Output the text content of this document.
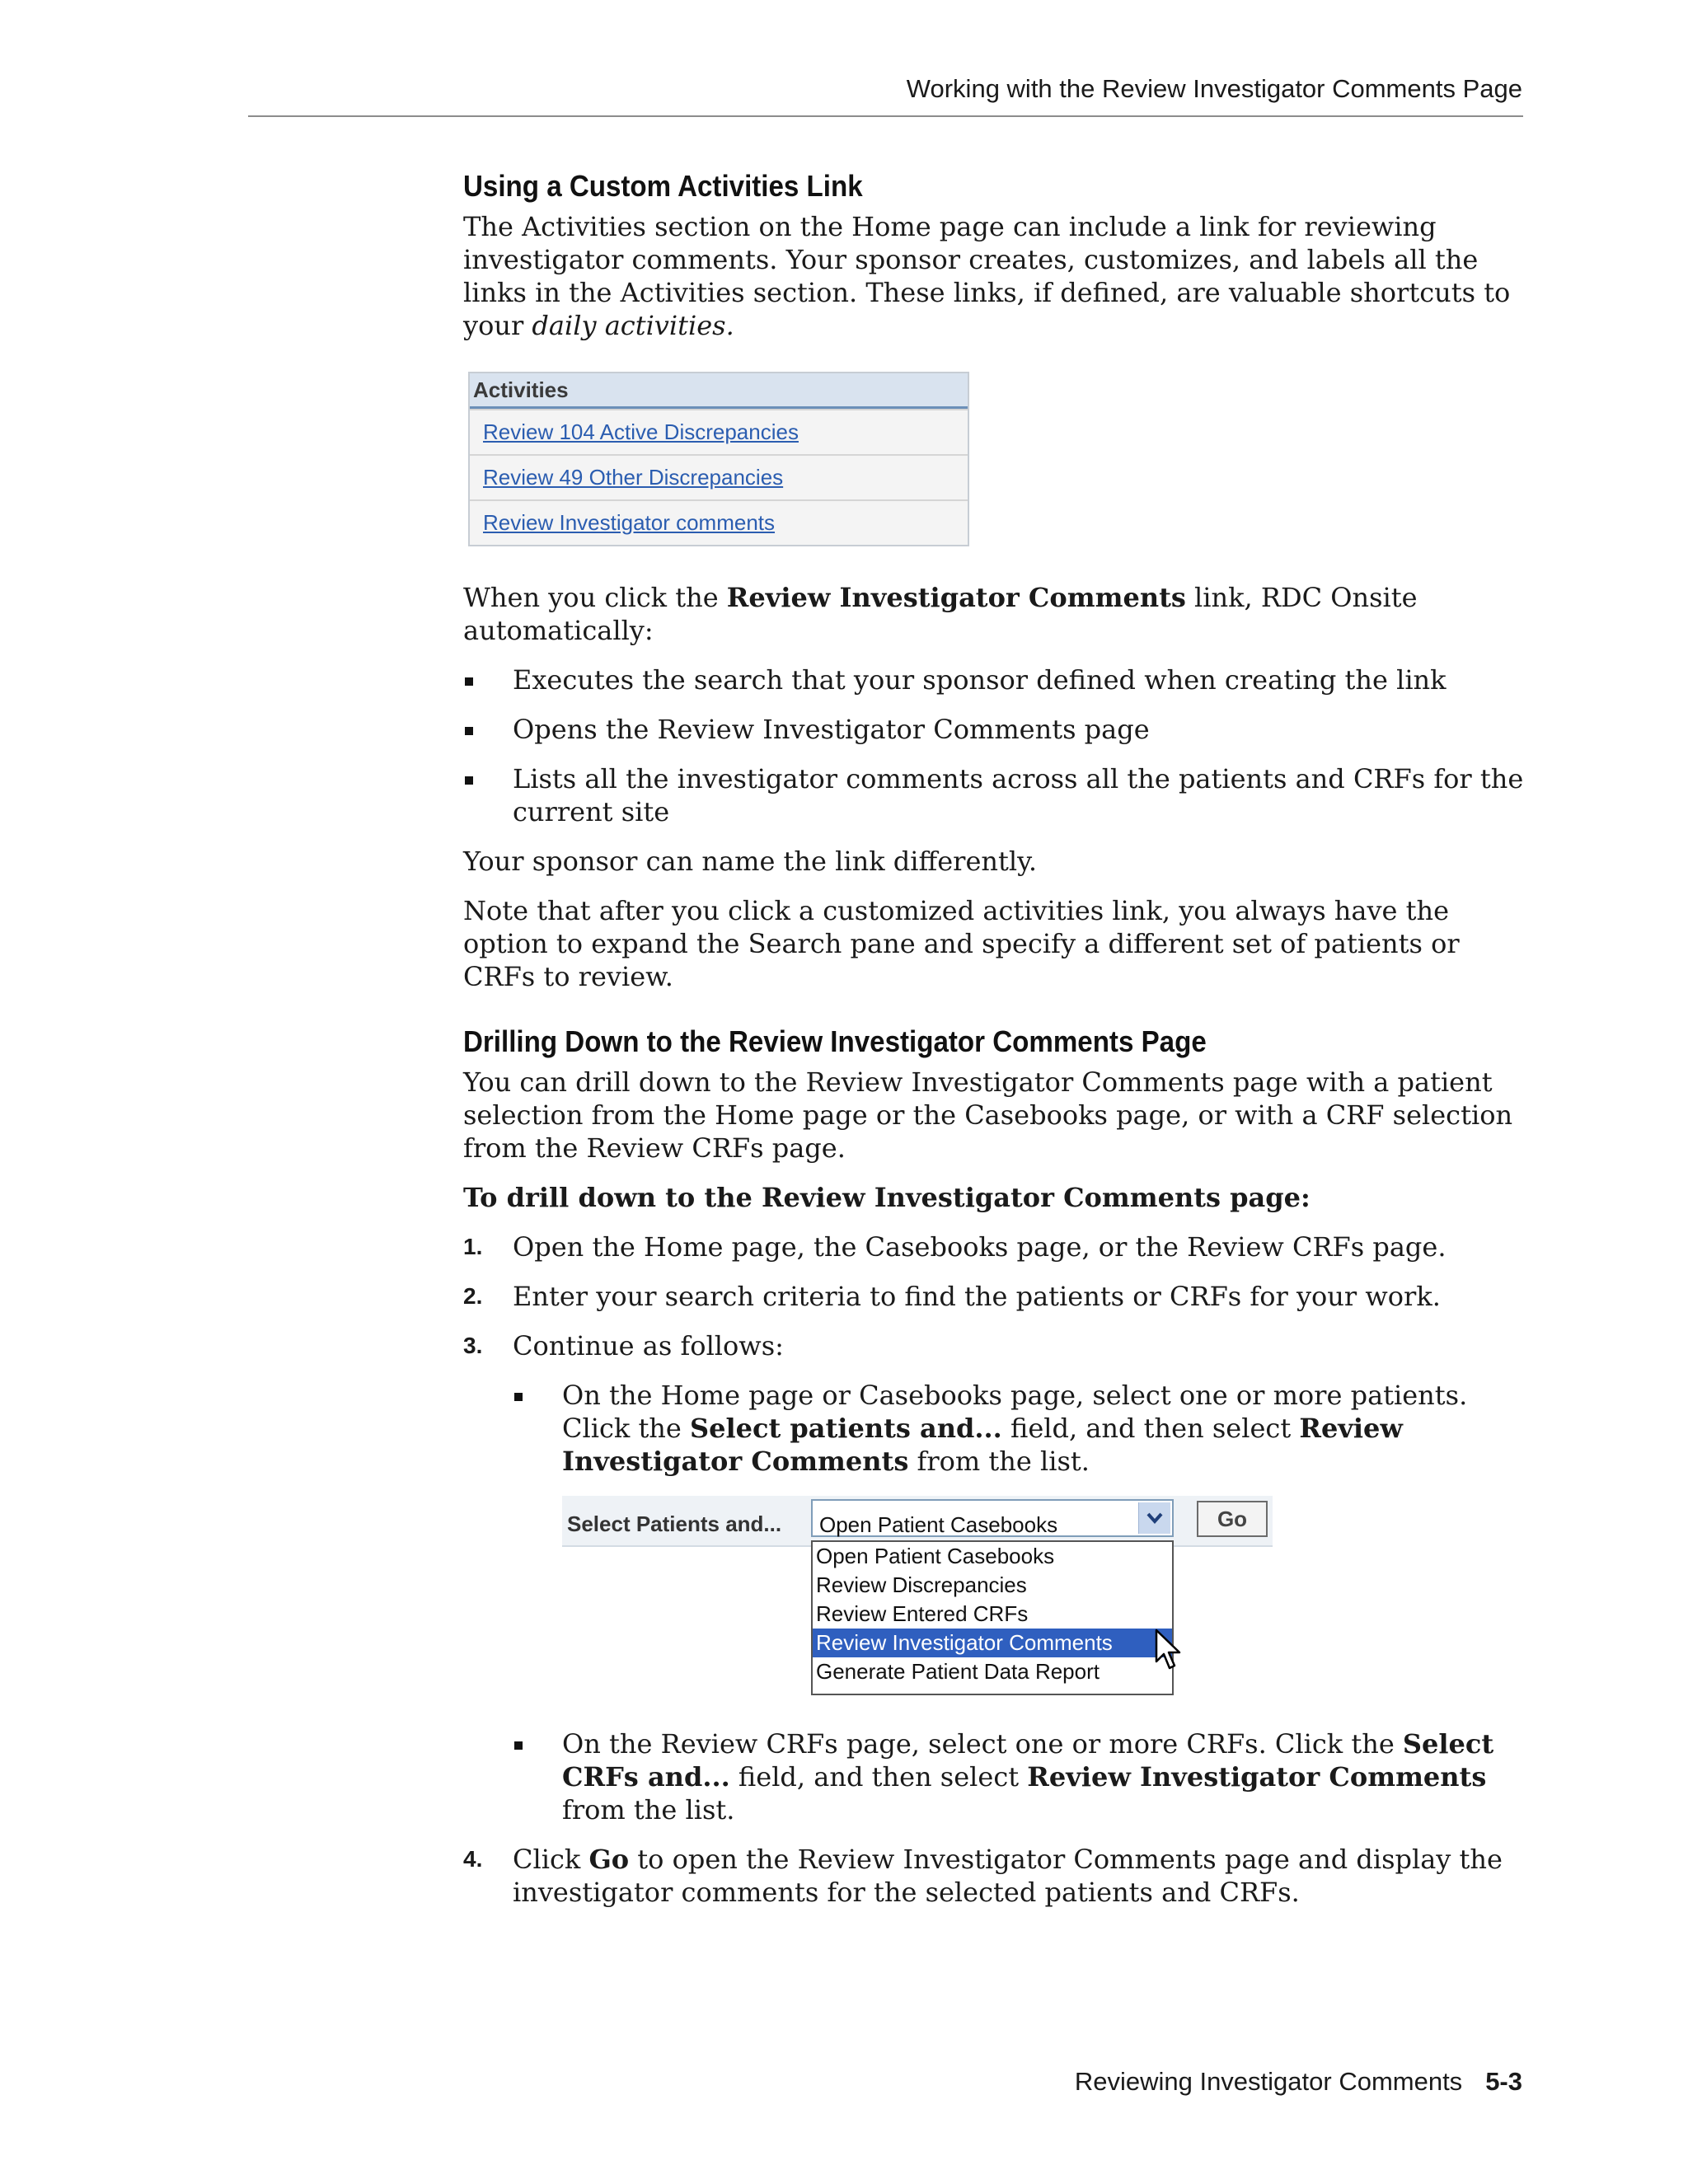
Working with the Review Investigator Comments Page
Using a Custom Activities Link

The Activities section on the Home page can include a link for reviewing investigator comments. Your sponsor creates, customizes, and labels all the links in the Activities section. These links, if defined, are valuable shortcuts to your daily activities.

Activities
Review 104 Active Discrepancies
Review 49 Other Discrepancies
Review Investigator comments

When you click the Review Investigator Comments link, RDC Onsite automatically:

Executes the search that your sponsor defined when creating the link
Opens the Review Investigator Comments page
Lists all the investigator comments across all the patients and CRFs for the current site

Your sponsor can name the link differently.

Note that after you click a customized activities link, you always have the option to expand the Search pane and specify a different set of patients or CRFs to review.

Drilling Down to the Review Investigator Comments Page

You can drill down to the Review Investigator Comments page with a patient selection from the Home page or the Casebooks page, or with a CRF selection from the Review CRFs page.

To drill down to the Review Investigator Comments page:

1. Open the Home page, the Casebooks page, or the Review CRFs page.
2. Enter your search criteria to find the patients or CRFs for your work.
3. Continue as follows:
On the Home page or Casebooks page, select one or more patients. Click the Select patients and... field, and then select Review Investigator Comments from the list.
Select Patients and... Open Patient Casebooks	Go
Open Patient Casebooks
Review Discrepancies
Review Entered CRFs
Review Investigator Comments
Generate Patient Data Report
On the Review CRFs page, select one or more CRFs. Click the Select CRFs and... field, and then select Review Investigator Comments from the list.
4. Click Go to open the Review Investigator Comments page and display the investigator comments for the selected patients and CRFs.
Reviewing Investigator Comments 5-3
